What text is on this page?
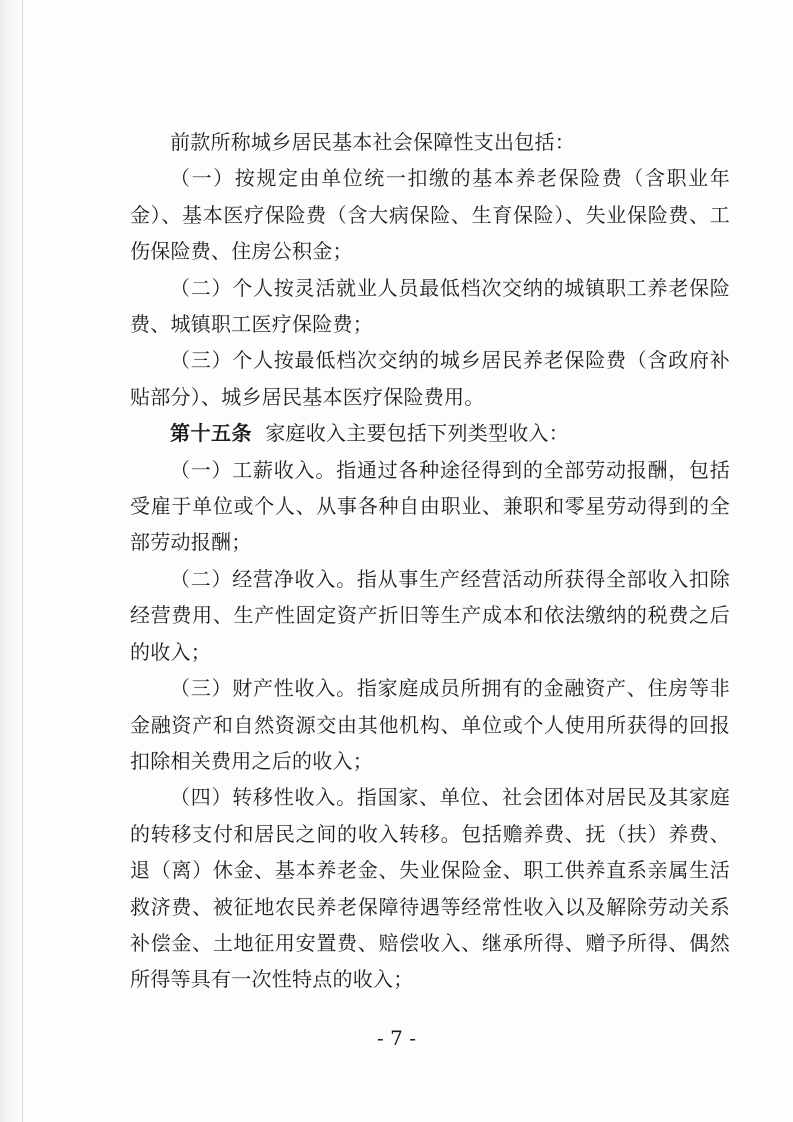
前款所称城乡居民基本社会保障性支出包括：

（一）按规定由单位统一扣缴的基本养老保险费（含职业年金）、基本医疗保险费（含大病保险、生育保险）、失业保险费、工伤保险费、住房公积金；

（二）个人按灵活就业人员最低档次交纳的城镇职工养老保险费、城镇职工医疗保险费；

（三）个人按最低档次交纳的城乡居民养老保险费（含政府补贴部分）、城乡居民基本医疗保险费用。

第十五条 家庭收入主要包括下列类型收入：

（一）工薪收入。指通过各种途径得到的全部劳动报酬，包括受雇于单位或个人、从事各种自由职业、兼职和零星劳动得到的全部劳动报酬；

（二）经营净收入。指从事生产经营活动所获得全部收入扣除经营费用、生产性固定资产折旧等生产成本和依法缴纳的税费之后的收入；

（三）财产性收入。指家庭成员所拥有的金融资产、住房等非金融资产和自然资源交由其他机构、单位或个人使用所获得的回报扣除相关费用之后的收入；

（四）转移性收入。指国家、单位、社会团体对居民及其家庭的转移支付和居民之间的收入转移。包括赡养费、抚（扶）养费、退（离）休金、基本养老金、失业保险金、职工供养直系亲属生活救济费、被征地农民养老保障待遇等经常性收入以及解除劳动关系补偿金、土地征用安置费、赔偿收入、继承所得、赠予所得、偶然所得等具有一次性特点的收入；

- 7 -
